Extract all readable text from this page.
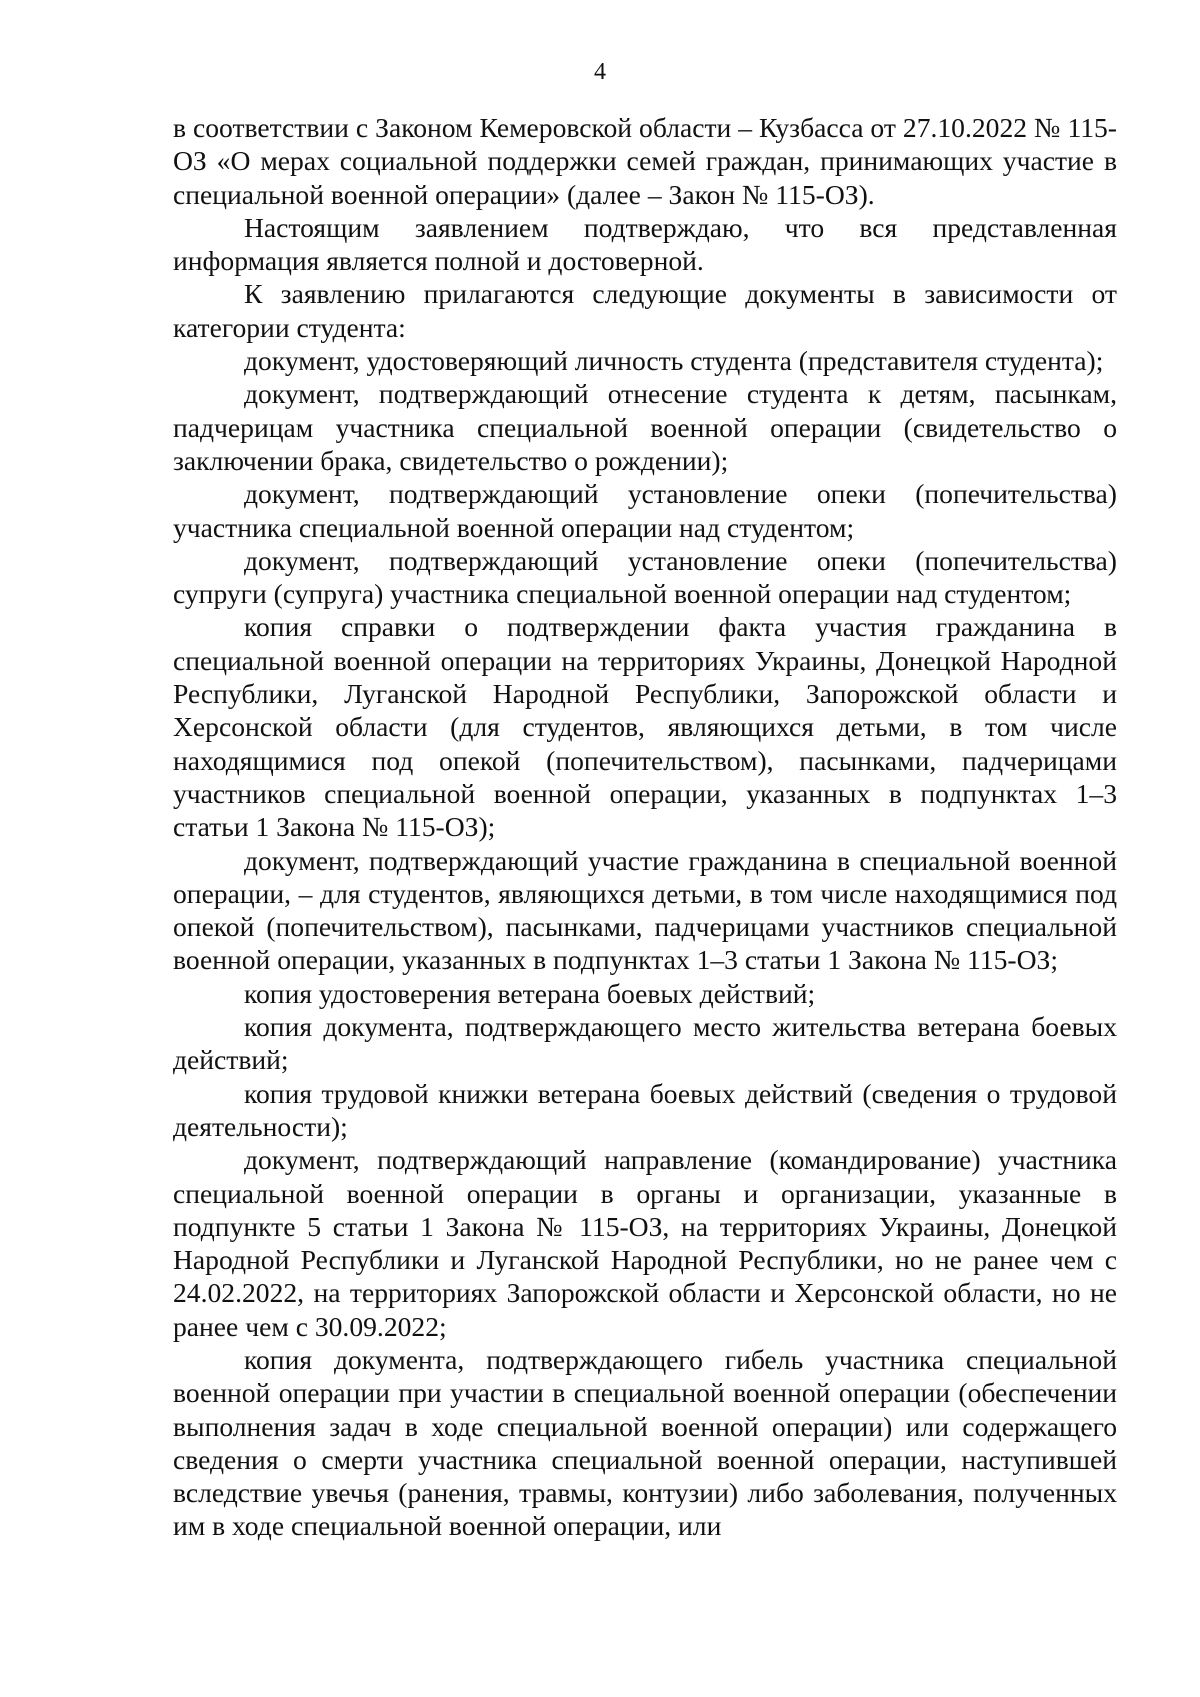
4

в соответствии с Законом Кемеровской области – Кузбасса от 27.10.2022 № 115-ОЗ «О мерах социальной поддержки семей граждан, принимающих участие в специальной военной операции» (далее – Закон № 115-ОЗ).

Настоящим заявлением подтверждаю, что вся представленная информация является полной и достоверной.

К заявлению прилагаются следующие документы в зависимости от категории студента:

документ, удостоверяющий личность студента (представителя студента);

документ, подтверждающий отнесение студента к детям, пасынкам, падчерицам участника специальной военной операции (свидетельство о заключении брака, свидетельство о рождении);

документ, подтверждающий установление опеки (попечительства) участника специальной военной операции над студентом;

документ, подтверждающий установление опеки (попечительства) супруги (супруга) участника специальной военной операции над студентом;

копия справки о подтверждении факта участия гражданина в специальной военной операции на территориях Украины, Донецкой Народной Республики, Луганской Народной Республики, Запорожской области и Херсонской области (для студентов, являющихся детьми, в том числе находящимися под опекой (попечительством), пасынками, падчерицами участников специальной военной операции, указанных в подпунктах 1–3 статьи 1 Закона № 115-ОЗ);

документ, подтверждающий участие гражданина в специальной военной операции, – для студентов, являющихся детьми, в том числе находящимися под опекой (попечительством), пасынками, падчерицами участников специальной военной операции, указанных в подпунктах 1–3 статьи 1 Закона № 115-ОЗ;

копия удостоверения ветерана боевых действий;

копия документа, подтверждающего место жительства ветерана боевых действий;

копия трудовой книжки ветерана боевых действий (сведения о трудовой деятельности);

документ, подтверждающий направление (командирование) участника специальной военной операции в органы и организации, указанные в подпункте 5 статьи 1 Закона № 115-ОЗ, на территориях Украины, Донецкой Народной Республики и Луганской Народной Республики, но не ранее чем с 24.02.2022, на территориях Запорожской области и Херсонской области, но не ранее чем с 30.09.2022;

копия документа, подтверждающего гибель участника специальной военной операции при участии в специальной военной операции (обеспечении выполнения задач в ходе специальной военной операции) или содержащего сведения о смерти участника специальной военной операции, наступившей вследствие увечья (ранения, травмы, контузии) либо заболевания, полученных им в ходе специальной военной операции, или
